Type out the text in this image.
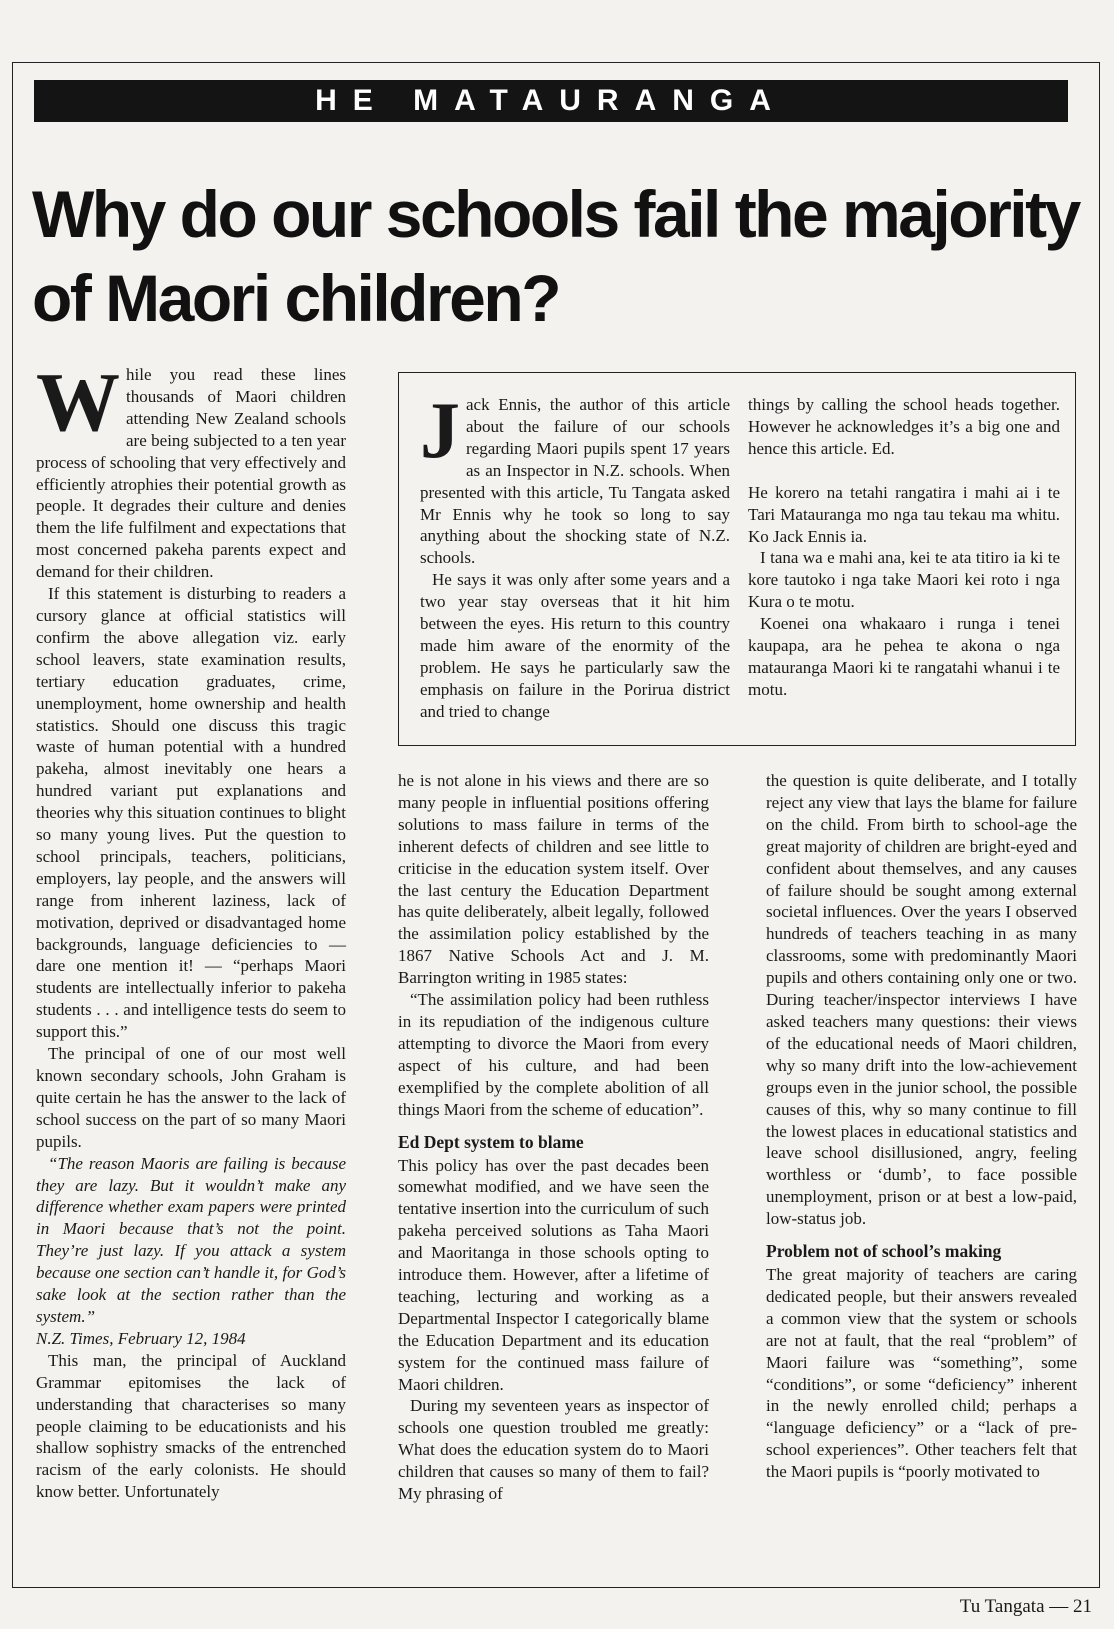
HE MATAURANGA
Why do our schools fail the majority of Maori children?

While you read these lines thousands of Maori children attending New Zealand schools are being subjected to a ten year process of schooling that very effectively and efficiently atrophies their potential growth as people. It degrades their culture and denies them the life fulfilment and expectations that most concerned pakeha parents expect and demand for their children.

If this statement is disturbing to readers a cursory glance at official statistics will confirm the above allegation viz. early school leavers, state examination results, tertiary education graduates, crime, unemployment, home ownership and health statistics. Should one discuss this tragic waste of human potential with a hundred pakeha, almost inevitably one hears a hundred variant put explanations and theories why this situation continues to blight so many young lives. Put the question to school principals, teachers, politicians, employers, lay people, and the answers will range from inherent laziness, lack of motivation, deprived or disadvantaged home backgrounds, language deficiencies to — dare one mention it! — “perhaps Maori students are intellectually inferior to pakeha students . . . and intelligence tests do seem to support this.”

The principal of one of our most well known secondary schools, John Graham is quite certain he has the answer to the lack of school success on the part of so many Maori pupils.

“The reason Maoris are failing is because they are lazy. But it wouldn’t make any difference whether exam papers were printed in Maori because that’s not the point. They’re just lazy. If you attack a system because one section can’t handle it, for God’s sake look at the section rather than the system.”

N.Z. Times, February 12, 1984

This man, the principal of Auckland Grammar epitomises the lack of understanding that characterises so many people claiming to be educationists and his shallow sophistry smacks of the entrenched racism of the early colonists. He should know better. Unfortunately

Jack Ennis, the author of this article about the failure of our schools regarding Maori pupils spent 17 years as an Inspector in N.Z. schools. When presented with this article, Tu Tangata asked Mr Ennis why he took so long to say anything about the shocking state of N.Z. schools.

He says it was only after some years and a two year stay overseas that it hit him between the eyes. His return to this country made him aware of the enormity of the problem. He says he particularly saw the emphasis on failure in the Porirua district and tried to change

things by calling the school heads together. However he acknowledges it’s a big one and hence this article. Ed.

He korero na tetahi rangatira i mahi ai i te Tari Matauranga mo nga tau tekau ma whitu. Ko Jack Ennis ia.

I tana wa e mahi ana, kei te ata titiro ia ki te kore tautoko i nga take Maori kei roto i nga Kura o te motu.

Koenei ona whakaaro i runga i tenei kaupapa, ara he pehea te akona o nga matauranga Maori ki te rangatahi whanui i te motu.

he is not alone in his views and there are so many people in influential positions offering solutions to mass failure in terms of the inherent defects of children and see little to criticise in the education system itself. Over the last century the Education Department has quite deliberately, albeit legally, followed the assimilation policy established by the 1867 Native Schools Act and J. M. Barrington writing in 1985 states:

“The assimilation policy had been ruthless in its repudiation of the indigenous culture attempting to divorce the Maori from every aspect of his culture, and had been exemplified by the complete abolition of all things Maori from the scheme of education”.

Ed Dept system to blame

This policy has over the past decades been somewhat modified, and we have seen the tentative insertion into the curriculum of such pakeha perceived solutions as Taha Maori and Maoritanga in those schools opting to introduce them. However, after a lifetime of teaching, lecturing and working as a Departmental Inspector I categorically blame the Education Department and its education system for the continued mass failure of Maori children.

During my seventeen years as inspector of schools one question troubled me greatly: What does the education system do to Maori children that causes so many of them to fail? My phrasing of

the question is quite deliberate, and I totally reject any view that lays the blame for failure on the child. From birth to school-age the great majority of children are bright-eyed and confident about themselves, and any causes of failure should be sought among external societal influences. Over the years I observed hundreds of teachers teaching in as many classrooms, some with predominantly Maori pupils and others containing only one or two. During teacher/inspector interviews I have asked teachers many questions: their views of the educational needs of Maori children, why so many drift into the low-achievement groups even in the junior school, the possible causes of this, why so many continue to fill the lowest places in educational statistics and leave school disillusioned, angry, feeling worthless or ‘dumb’, to face possible unemployment, prison or at best a low-paid, low-status job.

Problem not of school’s making

The great majority of teachers are caring dedicated people, but their answers revealed a common view that the system or schools are not at fault, that the real “problem” of Maori failure was “something”, some “conditions”, or some “deficiency” inherent in the newly enrolled child; perhaps a “language deficiency” or a “lack of pre-school experiences”. Other teachers felt that the Maori pupils is “poorly motivated to

Tu Tangata — 21
